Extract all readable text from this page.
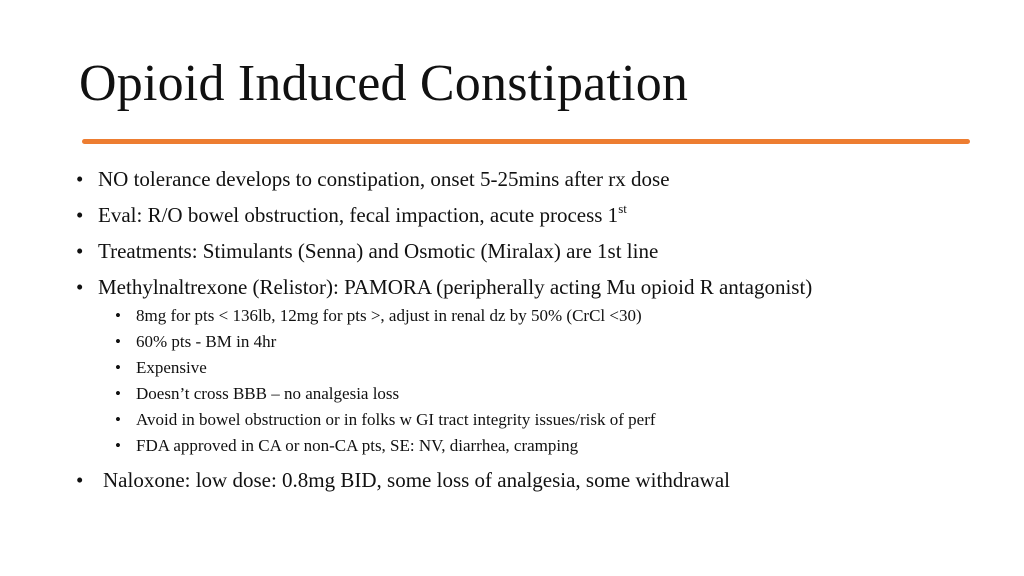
Opioid Induced Constipation
• NO tolerance develops to constipation, onset 5-25mins after rx dose
• Eval: R/O bowel obstruction, fecal impaction, acute process 1st
• Treatments: Stimulants (Senna) and Osmotic (Miralax) are 1st line
• Methylnaltrexone (Relistor): PAMORA (peripherally acting Mu opioid R antagonist)
• 8mg for pts < 136lb, 12mg for pts >, adjust in renal dz by 50% (CrCl <30)
• 60% pts - BM in 4hr
• Expensive
• Doesn’t cross BBB – no analgesia loss
• Avoid in bowel obstruction or in folks w GI tract integrity issues/risk of perf
• FDA approved in CA or non-CA pts, SE: NV, diarrhea, cramping
• Naloxone: low dose: 0.8mg BID, some loss of analgesia, some withdrawal
